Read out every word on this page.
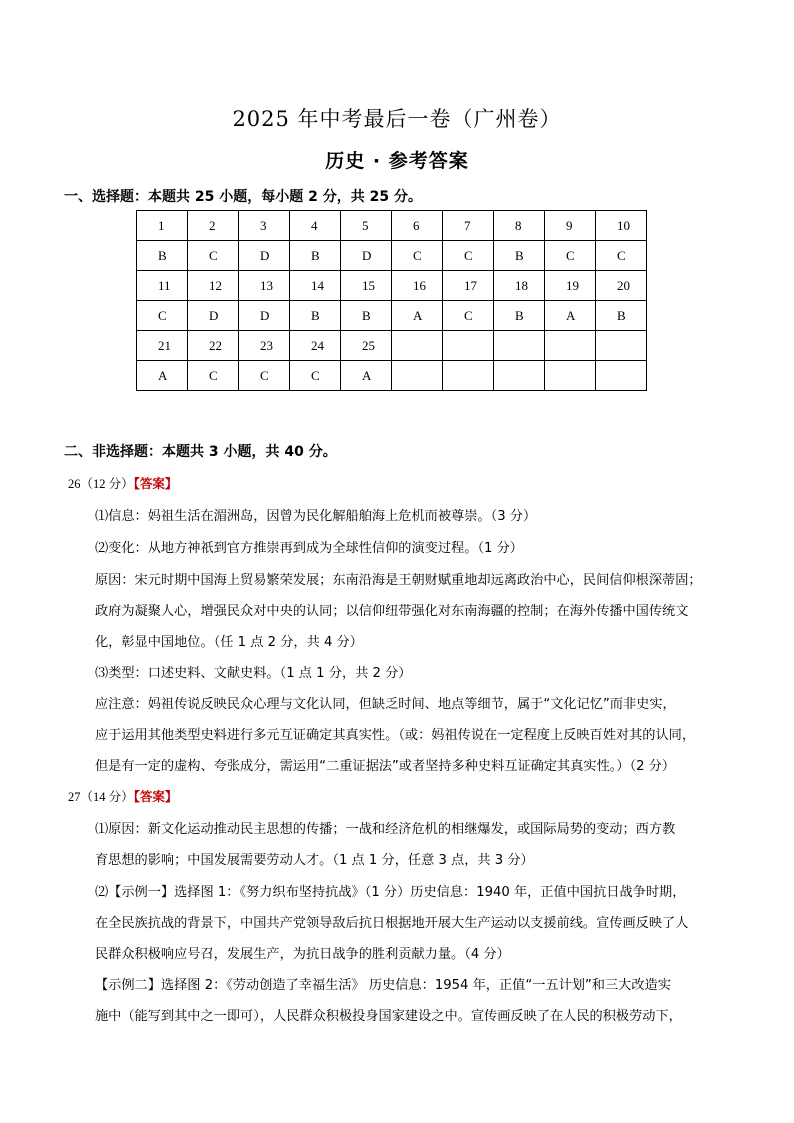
2025 年中考最后一卷（广州卷）
历史 · 参考答案
一、选择题：本题共 25 小题，每小题 2 分，共 25 分。
1	2	3	4	5	6	7	8	9	10
B	C	D	B	D	C	C	B	C	C
11	12	13	14	15	16	17	18	19	20
C	D	D	B	B	A	C	B	A	B
21	22	23	24	25					
A	C	C	C	A					
二、非选择题：本题共 3 小题，共 40 分。
26（12 分）【答案】
⑴信息：妈祖生活在湄洲岛，因曾为民化解船舶海上危机而被尊崇。（3 分）
⑵变化：从地方神祇到官方推崇再到成为全球性信仰的演变过程。（1 分）
原因：宋元时期中国海上贸易繁荣发展；东南沿海是王朝财赋重地却远离政治中心，民间信仰根深蒂固；
政府为凝聚人心，增强民众对中央的认同；以信仰纽带强化对东南海疆的控制；在海外传播中国传统文
化，彰显中国地位。（任 1 点 2 分，共 4 分）
⑶类型：口述史料、文献史料。（1 点 1 分，共 2 分）
应注意：妈祖传说反映民众心理与文化认同，但缺乏时间、地点等细节，属于“文化记忆”而非史实，
应于运用其他类型史料进行多元互证确定其真实性。（或：妈祖传说在一定程度上反映百姓对其的认同，
但是有一定的虚构、夸张成分，需运用“二重证据法”或者坚持多种史料互证确定其真实性。）（2 分）
27（14 分）【答案】
⑴原因：新文化运动推动民主思想的传播；一战和经济危机的相继爆发，或国际局势的变动；西方教
育思想的影响；中国发展需要劳动人才。（1 点 1 分，任意 3 点，共 3 分）
⑵【示例一】选择图 1：《努力织布坚持抗战》（1 分）历史信息：1940 年，正值中国抗日战争时期，
在全民族抗战的背景下，中国共产党领导敌后抗日根据地开展大生产运动以支援前线。宣传画反映了人
民群众积极响应号召，发展生产，为抗日战争的胜利贡献力量。（4 分）
【示例二】选择图 2：《劳动创造了幸福生活》 历史信息：1954 年，正值“一五计划”和三大改造实
施中（能写到其中之一即可），人民群众积极投身国家建设之中。宣传画反映了在人民的积极劳动下，
